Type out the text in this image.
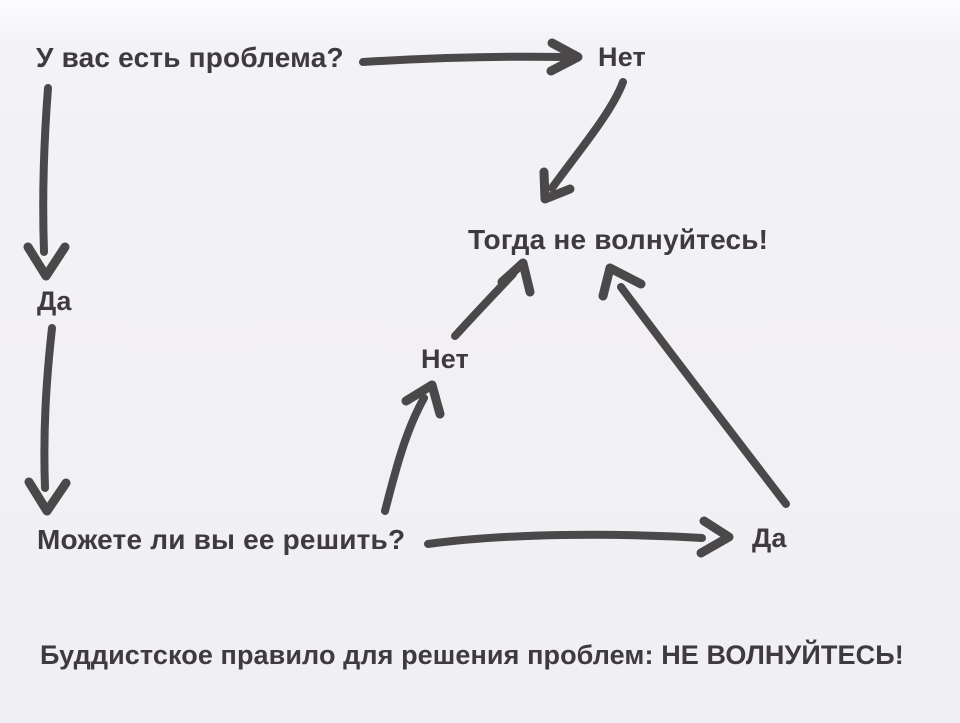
У вас есть проблема?	Нет
Тогда не волнуйтесь!
Да
Нет
Можете ли вы ее решить?	Да
Буддистское правило для решения проблем: НЕ ВОЛНУЙТЕСЬ!
